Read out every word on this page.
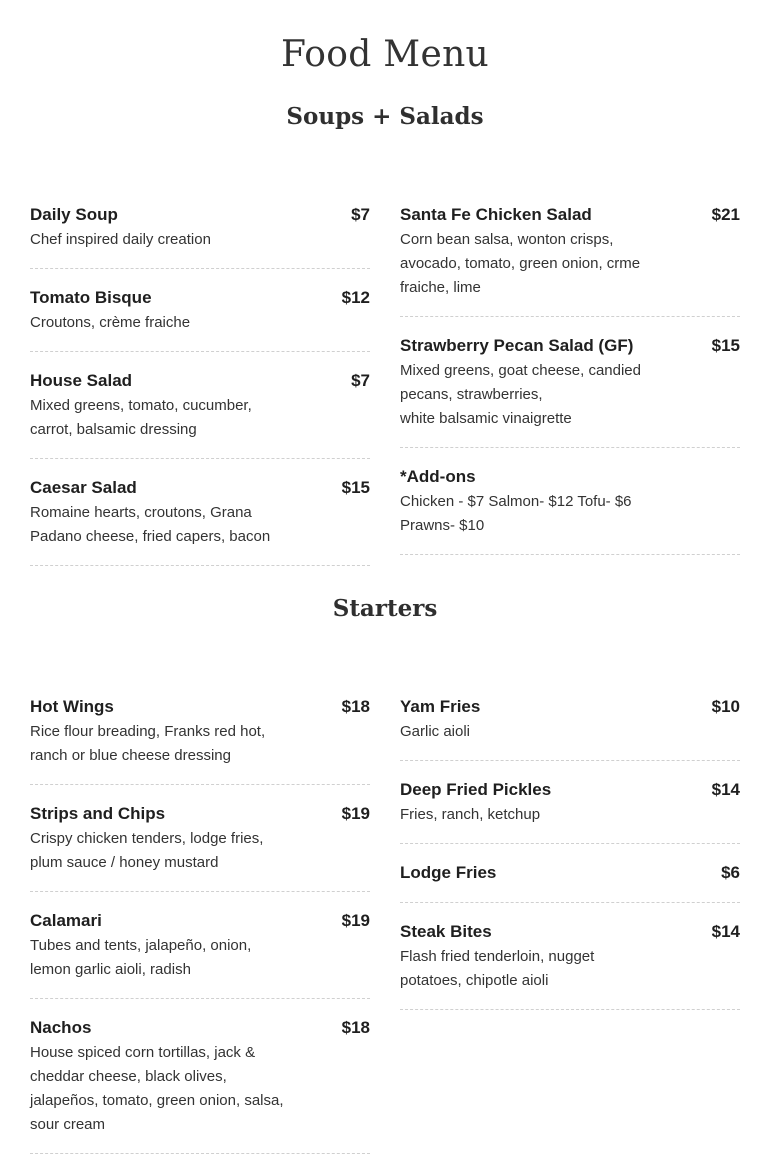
Food Menu
Soups + Salads
Daily Soup	$7
Chef inspired daily creation
Tomato Bisque	$12
Croutons, crème fraiche
House Salad	$7
Mixed greens, tomato, cucumber,
carrot, balsamic dressing
Caesar Salad	$15
Romaine hearts, croutons, Grana
Padano cheese, fried capers, bacon
Santa Fe Chicken Salad	$21
Corn bean salsa, wonton crisps,
avocado, tomato, green onion, crme
fraiche, lime
Strawberry Pecan Salad (GF)	$15
Mixed greens, goat cheese, candied
pecans, strawberries,
white balsamic vinaigrette
*Add-ons
Chicken - $7 Salmon- $12 Tofu- $6
Prawns- $10
Starters
Hot Wings	$18
Rice flour breading, Franks red hot,
ranch or blue cheese dressing
Strips and Chips	$19
Crispy chicken tenders, lodge fries,
plum sauce / honey mustard
Calamari	$19
Tubes and tents, jalapeño, onion,
lemon garlic aioli, radish
Nachos	$18
House spiced corn tortillas, jack &
cheddar cheese, black olives,
jalapeños, tomato, green onion, salsa,
sour cream
Yam Fries	$10
Garlic aioli
Deep Fried Pickles	$14
Fries, ranch, ketchup
Lodge Fries	$6
Steak Bites	$14
Flash fried tenderloin, nugget
potatoes, chipotle aioli
